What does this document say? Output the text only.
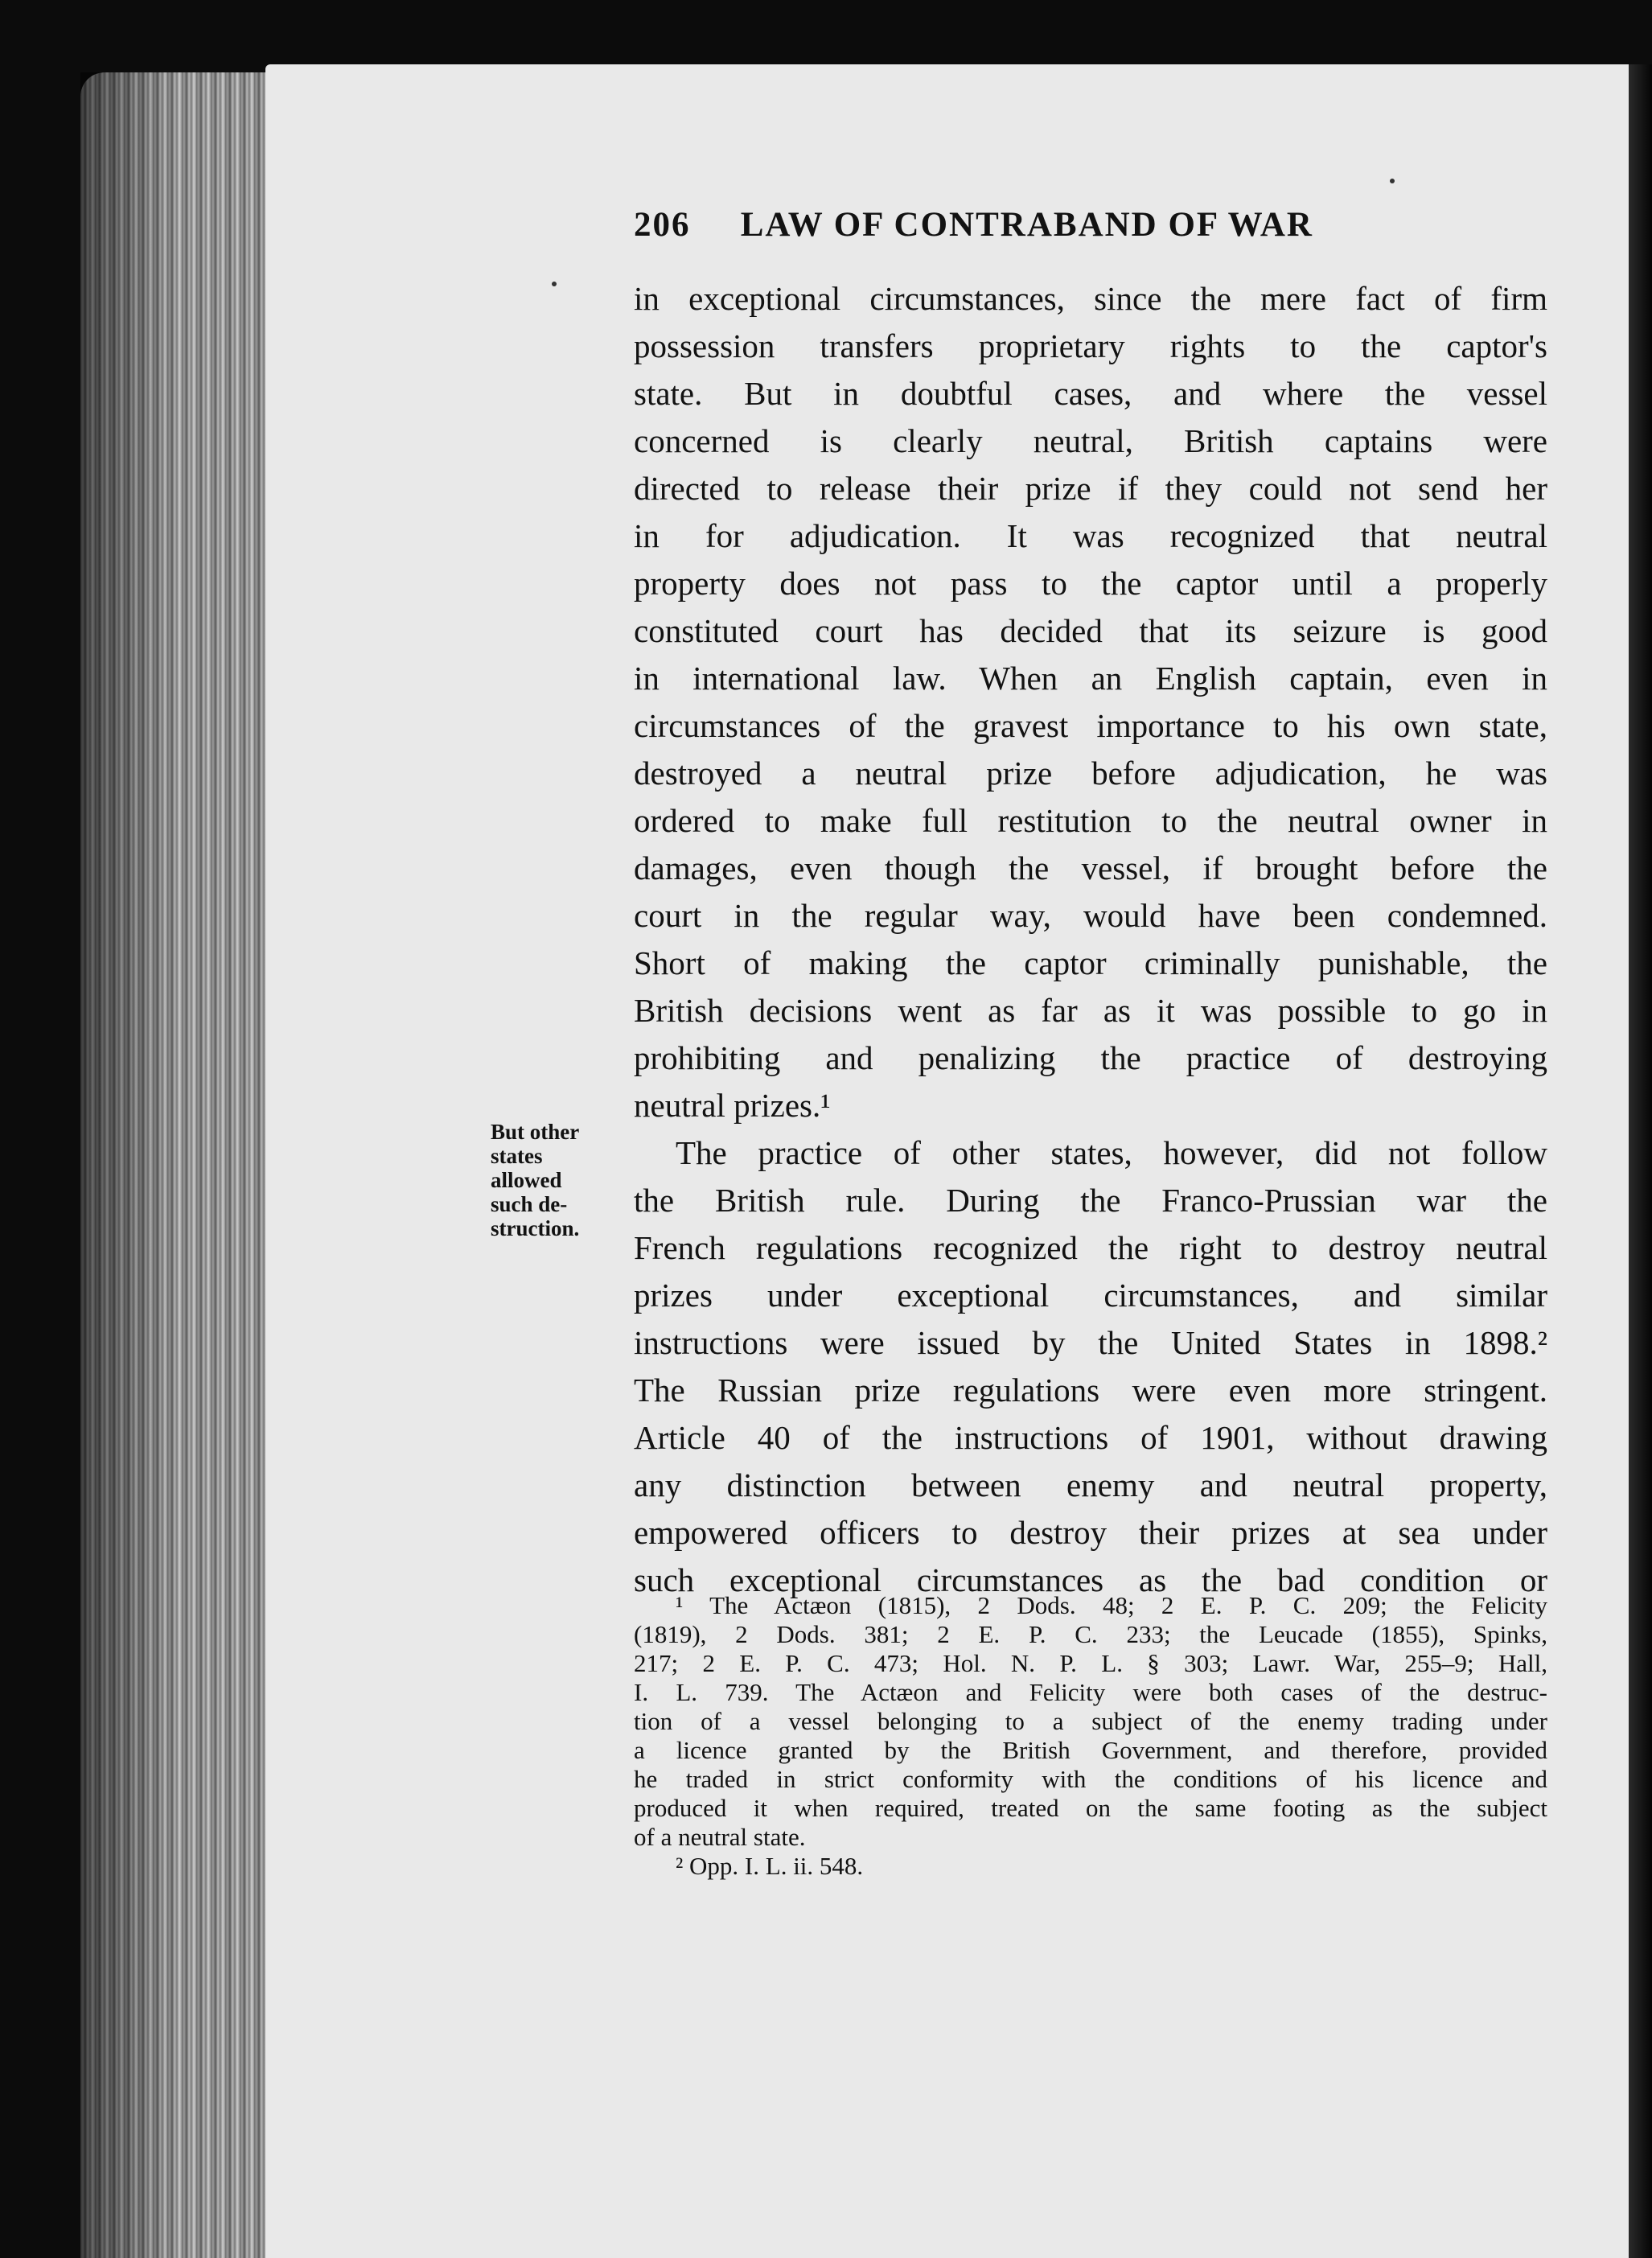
206 LAW OF CONTRABAND OF WAR
in exceptional circumstances, since the mere fact of firm
possession transfers proprietary rights to the captor's
state. But in doubtful cases, and where the vessel
concerned is clearly neutral, British captains were
directed to release their prize if they could not send her
in for adjudication. It was recognized that neutral
property does not pass to the captor until a properly
constituted court has decided that its seizure is good
in international law. When an English captain, even in
circumstances of the gravest importance to his own state,
destroyed a neutral prize before adjudication, he was
ordered to make full restitution to the neutral owner in
damages, even though the vessel, if brought before the
court in the regular way, would have been condemned.
Short of making the captor criminally punishable, the
British decisions went as far as it was possible to go in
prohibiting and penalizing the practice of destroying
neutral prizes.¹
The practice of other states, however, did not follow
the British rule. During the Franco-Prussian war the
French regulations recognized the right to destroy neutral
prizes under exceptional circumstances, and similar
instructions were issued by the United States in 1898.²
The Russian prize regulations were even more stringent.
Article 40 of the instructions of 1901, without drawing
any distinction between enemy and neutral property,
empowered officers to destroy their prizes at sea under
such exceptional circumstances as the bad condition or
But other
states
allowed
such de-
struction.
¹ The Actæon (1815), 2 Dods. 48; 2 E. P. C. 209; the Felicity
(1819), 2 Dods. 381; 2 E. P. C. 233; the Leucade (1855), Spinks,
217; 2 E. P. C. 473; Hol. N. P. L. § 303; Lawr. War, 255–9; Hall,
I. L. 739. The Actæon and Felicity were both cases of the destruc-
tion of a vessel belonging to a subject of the enemy trading under
a licence granted by the British Government, and therefore, provided
he traded in strict conformity with the conditions of his licence and
produced it when required, treated on the same footing as the subject
of a neutral state.
² Opp. I. L. ii. 548.
